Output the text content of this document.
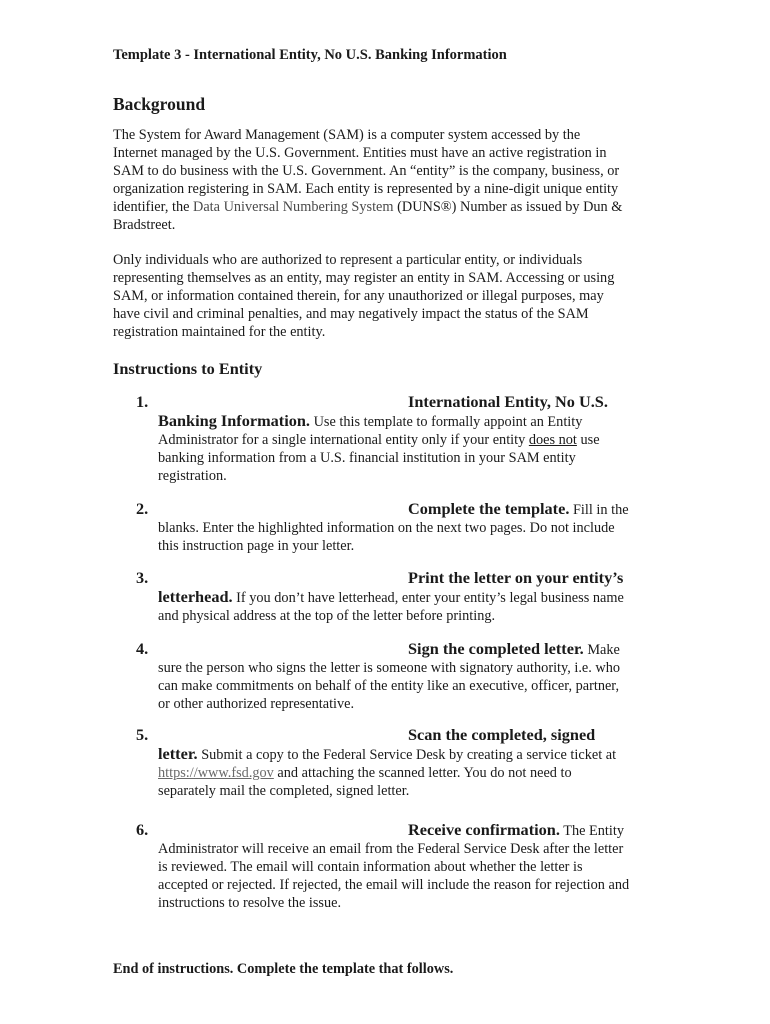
Template 3 - International Entity, No U.S. Banking Information
Background
The System for Award Management (SAM) is a computer system accessed by the
Internet managed by the U.S. Government. Entities must have an active registration in
SAM to do business with the U.S. Government. An “entity” is the company, business, or
organization registering in SAM. Each entity is represented by a nine-digit unique entity
identifier, the Data Universal Numbering System (DUNS®) Number as issued by Dun &
Bradstreet.
Only individuals who are authorized to represent a particular entity, or individuals
representing themselves as an entity, may register an entity in SAM. Accessing or using
SAM, or information contained therein, for any unauthorized or illegal purposes, may
have civil and criminal penalties, and may negatively impact the status of the SAM
registration maintained for the entity.
Instructions to Entity
1.	International Entity, No U.S.
Banking Information. Use this template to formally appoint an Entity
Administrator for a single international entity only if your entity does not use
banking information from a U.S. financial institution in your SAM entity
registration.
2.	Complete the template. Fill in the
blanks. Enter the highlighted information on the next two pages. Do not include
this instruction page in your letter.
3.	Print the letter on your entity’s
letterhead. If you don’t have letterhead, enter your entity’s legal business name
and physical address at the top of the letter before printing.
4.	Sign the completed letter. Make
sure the person who signs the letter is someone with signatory authority, i.e. who
can make commitments on behalf of the entity like an executive, officer, partner,
or other authorized representative.
5.	Scan the completed, signed
letter. Submit a copy to the Federal Service Desk by creating a service ticket at
https://www.fsd.gov and attaching the scanned letter. You do not need to
separately mail the completed, signed letter.
6.	Receive confirmation. The Entity
Administrator will receive an email from the Federal Service Desk after the letter
is reviewed. The email will contain information about whether the letter is
accepted or rejected. If rejected, the email will include the reason for rejection and
instructions to resolve the issue.
End of instructions. Complete the template that follows.
